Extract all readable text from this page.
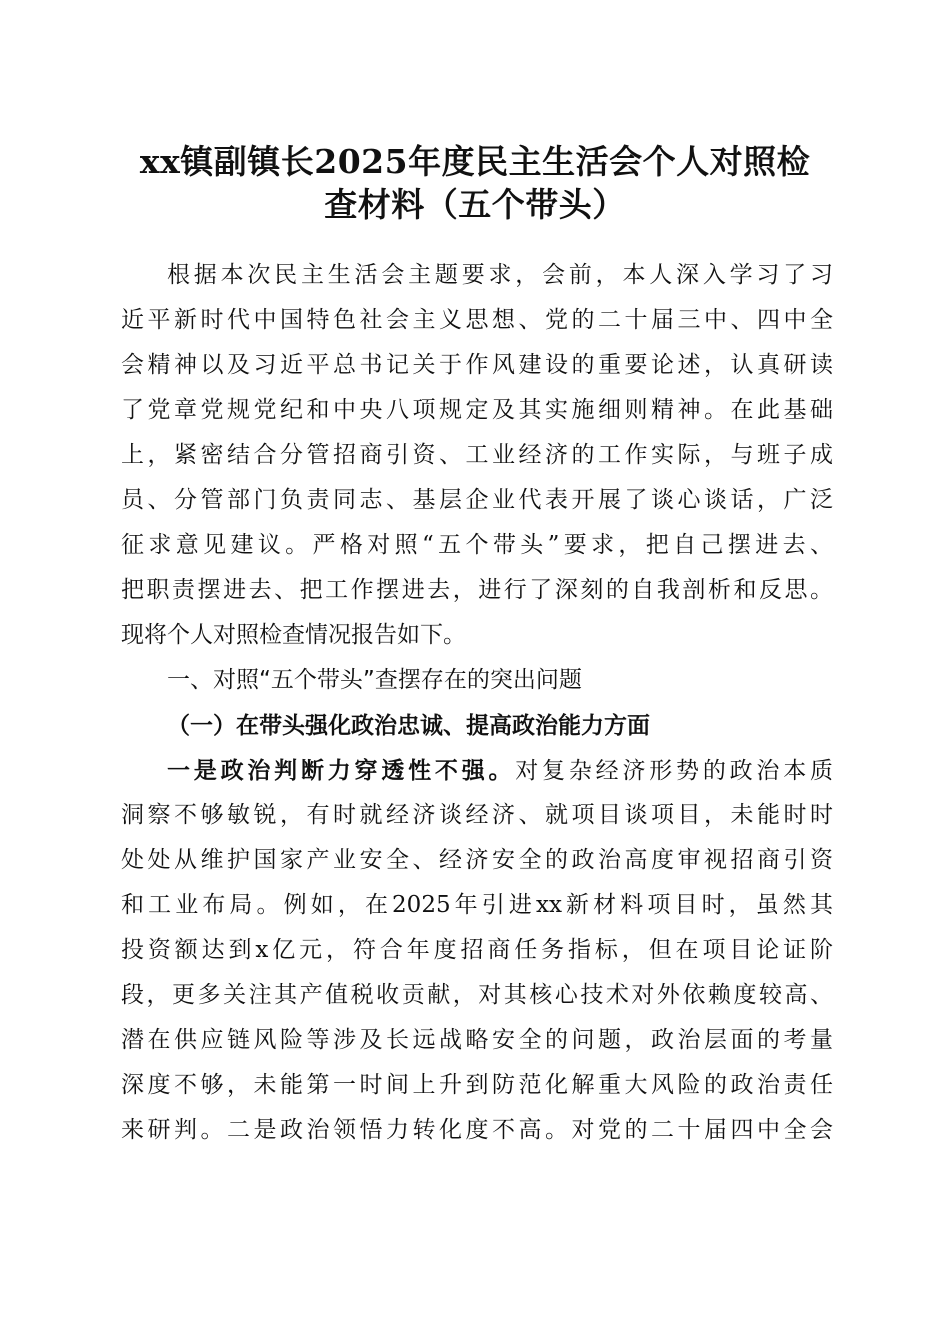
xx镇副镇长2025年度民主生活会个人对照检
查材料（五个带头）
根据本次民主生活会主题要求，会前，本人深入学习了习
近平新时代中国特色社会主义思想、党的二十届三中、四中全
会精神以及习近平总书记关于作风建设的重要论述，认真研读
了党章党规党纪和中央八项规定及其实施细则精神。在此基础
上，紧密结合分管招商引资、工业经济的工作实际，与班子成
员、分管部门负责同志、基层企业代表开展了谈心谈话，广泛
征求意见建议。严格对照“五个带头”要求，把自己摆进去、
把职责摆进去、把工作摆进去，进行了深刻的自我剖析和反思。
现将个人对照检查情况报告如下。
一、对照“五个带头”查摆存在的突出问题
（一）在带头强化政治忠诚、提高政治能力方面
一是政治判断力穿透性不强。对复杂经济形势的政治本质
洞察不够敏锐，有时就经济谈经济、就项目谈项目，未能时时
处处从维护国家产业安全、经济安全的政治高度审视招商引资
和工业布局。例如，在2025年引进xx新材料项目时，虽然其
投资额达到x亿元，符合年度招商任务指标，但在项目论证阶
段，更多关注其产值税收贡献，对其核心技术对外依赖度较高、
潜在供应链风险等涉及长远战略安全的问题，政治层面的考量
深度不够，未能第一时间上升到防范化解重大风险的政治责任
来研判。二是政治领悟力转化度不高。对党的二十届四中全会
